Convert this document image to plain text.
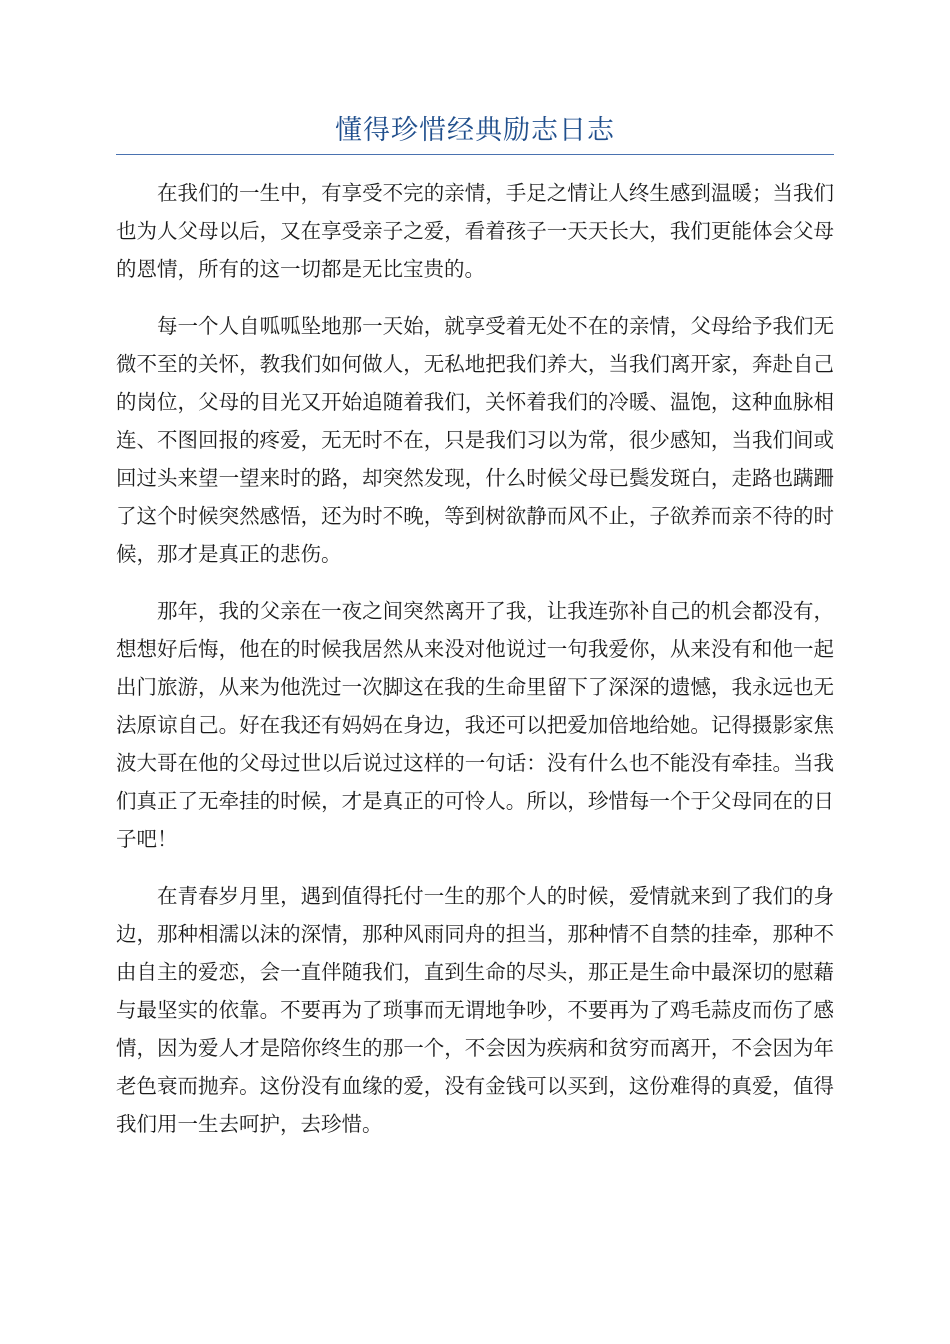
懂得珍惜经典励志日志

在我们的一生中，有享受不完的亲情，手足之情让人终生感到温暖；当我们也为人父母以后，又在享受亲子之爱，看着孩子一天天长大，我们更能体会父母的恩情，所有的这一切都是无比宝贵的。

每一个人自呱呱坠地那一天始，就享受着无处不在的亲情，父母给予我们无微不至的关怀，教我们如何做人，无私地把我们养大，当我们离开家，奔赴自己的岗位，父母的目光又开始追随着我们，关怀着我们的冷暖、温饱，这种血脉相连、不图回报的疼爱，无无时不在，只是我们习以为常，很少感知，当我们间或回过头来望一望来时的路，却突然发现，什么时候父母已鬓发斑白，走路也蹒跚了这个时候突然感悟，还为时不晚，等到树欲静而风不止，子欲养而亲不待的时候，那才是真正的悲伤。

那年，我的父亲在一夜之间突然离开了我，让我连弥补自己的机会都没有，想想好后悔，他在的时候我居然从来没对他说过一句我爱你，从来没有和他一起出门旅游，从来为他洗过一次脚这在我的生命里留下了深深的遗憾，我永远也无法原谅自己。好在我还有妈妈在身边，我还可以把爱加倍地给她。记得摄影家焦波大哥在他的父母过世以后说过这样的一句话：没有什么也不能没有牵挂。当我们真正了无牵挂的时候，才是真正的可怜人。所以，珍惜每一个于父母同在的日子吧！

在青春岁月里，遇到值得托付一生的那个人的时候，爱情就来到了我们的身边，那种相濡以沫的深情，那种风雨同舟的担当，那种情不自禁的挂牵，那种不由自主的爱恋，会一直伴随我们，直到生命的尽头，那正是生命中最深切的慰藉与最坚实的依靠。不要再为了琐事而无谓地争吵，不要再为了鸡毛蒜皮而伤了感情，因为爱人才是陪你终生的那一个，不会因为疾病和贫穷而离开，不会因为年老色衰而抛弃。这份没有血缘的爱，没有金钱可以买到，这份难得的真爱，值得我们用一生去呵护，去珍惜。
